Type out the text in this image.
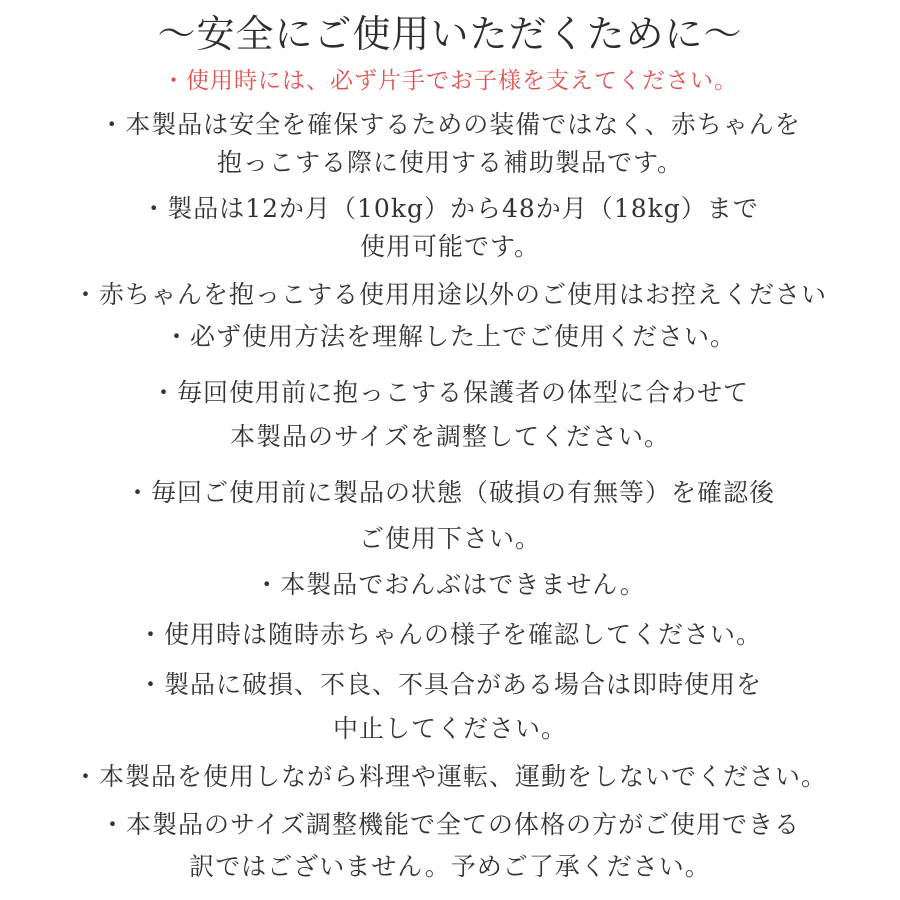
～安全にご使用いただくために～
・使用時には、必ず片手でお子様を支えてください。
・本製品は安全を確保するための装備ではなく、赤ちゃんを
抱っこする際に使用する補助製品です。
・製品は12か月（10kg）から48か月（18kg）まで
使用可能です。
・赤ちゃんを抱っこする使用用途以外のご使用はお控えください
・必ず使用方法を理解した上でご使用ください。
・毎回使用前に抱っこする保護者の体型に合わせて
本製品のサイズを調整してください。
・毎回ご使用前に製品の状態（破損の有無等）を確認後
ご使用下さい。
・本製品でおんぶはできません。
・使用時は随時赤ちゃんの様子を確認してください。
・製品に破損、不良、不具合がある場合は即時使用を
中止してください。
・本製品を使用しながら料理や運転、運動をしないでください。
・本製品のサイズ調整機能で全ての体格の方がご使用できる
訳ではございません。予めご了承ください。
